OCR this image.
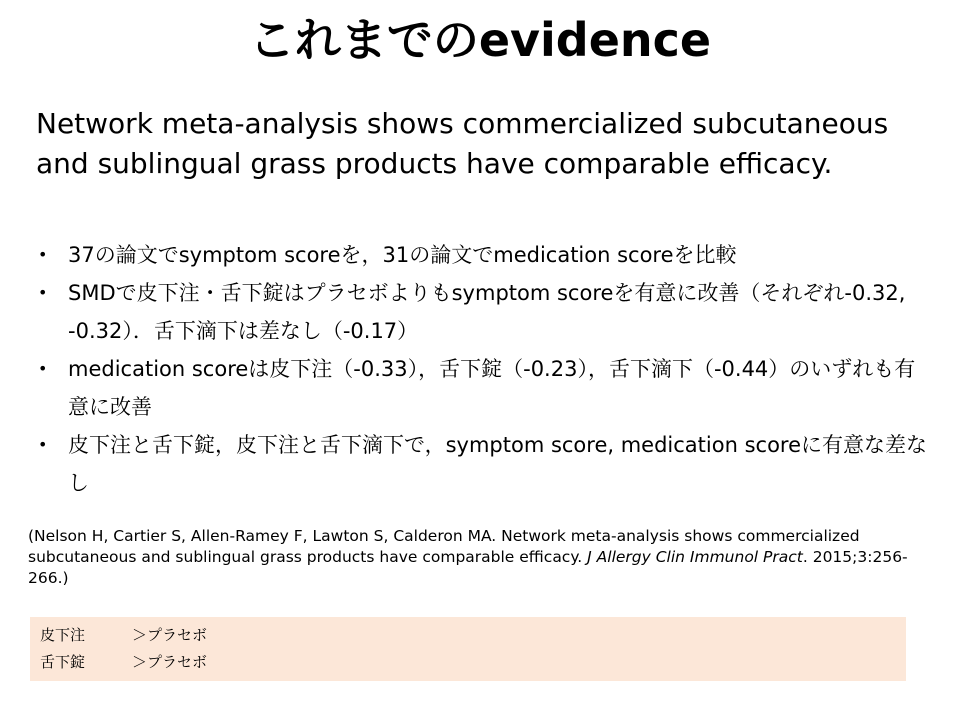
これまでのevidence
Network meta-analysis shows commercialized subcutaneous and sublingual grass products have comparable efficacy.
• 37の論文でsymptom scoreを，31の論文でmedication scoreを比較
• SMDで皮下注・舌下錠はプラセボよりもsymptom scoreを有意に改善（それぞれ-0.32, -0.32）．舌下滴下は差なし（-0.17）
• medication scoreは皮下注（-0.33），舌下錠（-0.23），舌下滴下（-0.44）のいずれも有意に改善
• 皮下注と舌下錠，皮下注と舌下滴下で，symptom score, medication scoreに有意な差なし
(Nelson H, Cartier S, Allen-Ramey F, Lawton S, Calderon MA. Network meta-analysis shows commercialized subcutaneous and sublingual grass products have comparable efficacy. J Allergy Clin Immunol Pract. 2015;3:256-266.)
皮下注	＞プラセボ
舌下錠	＞プラセボ
